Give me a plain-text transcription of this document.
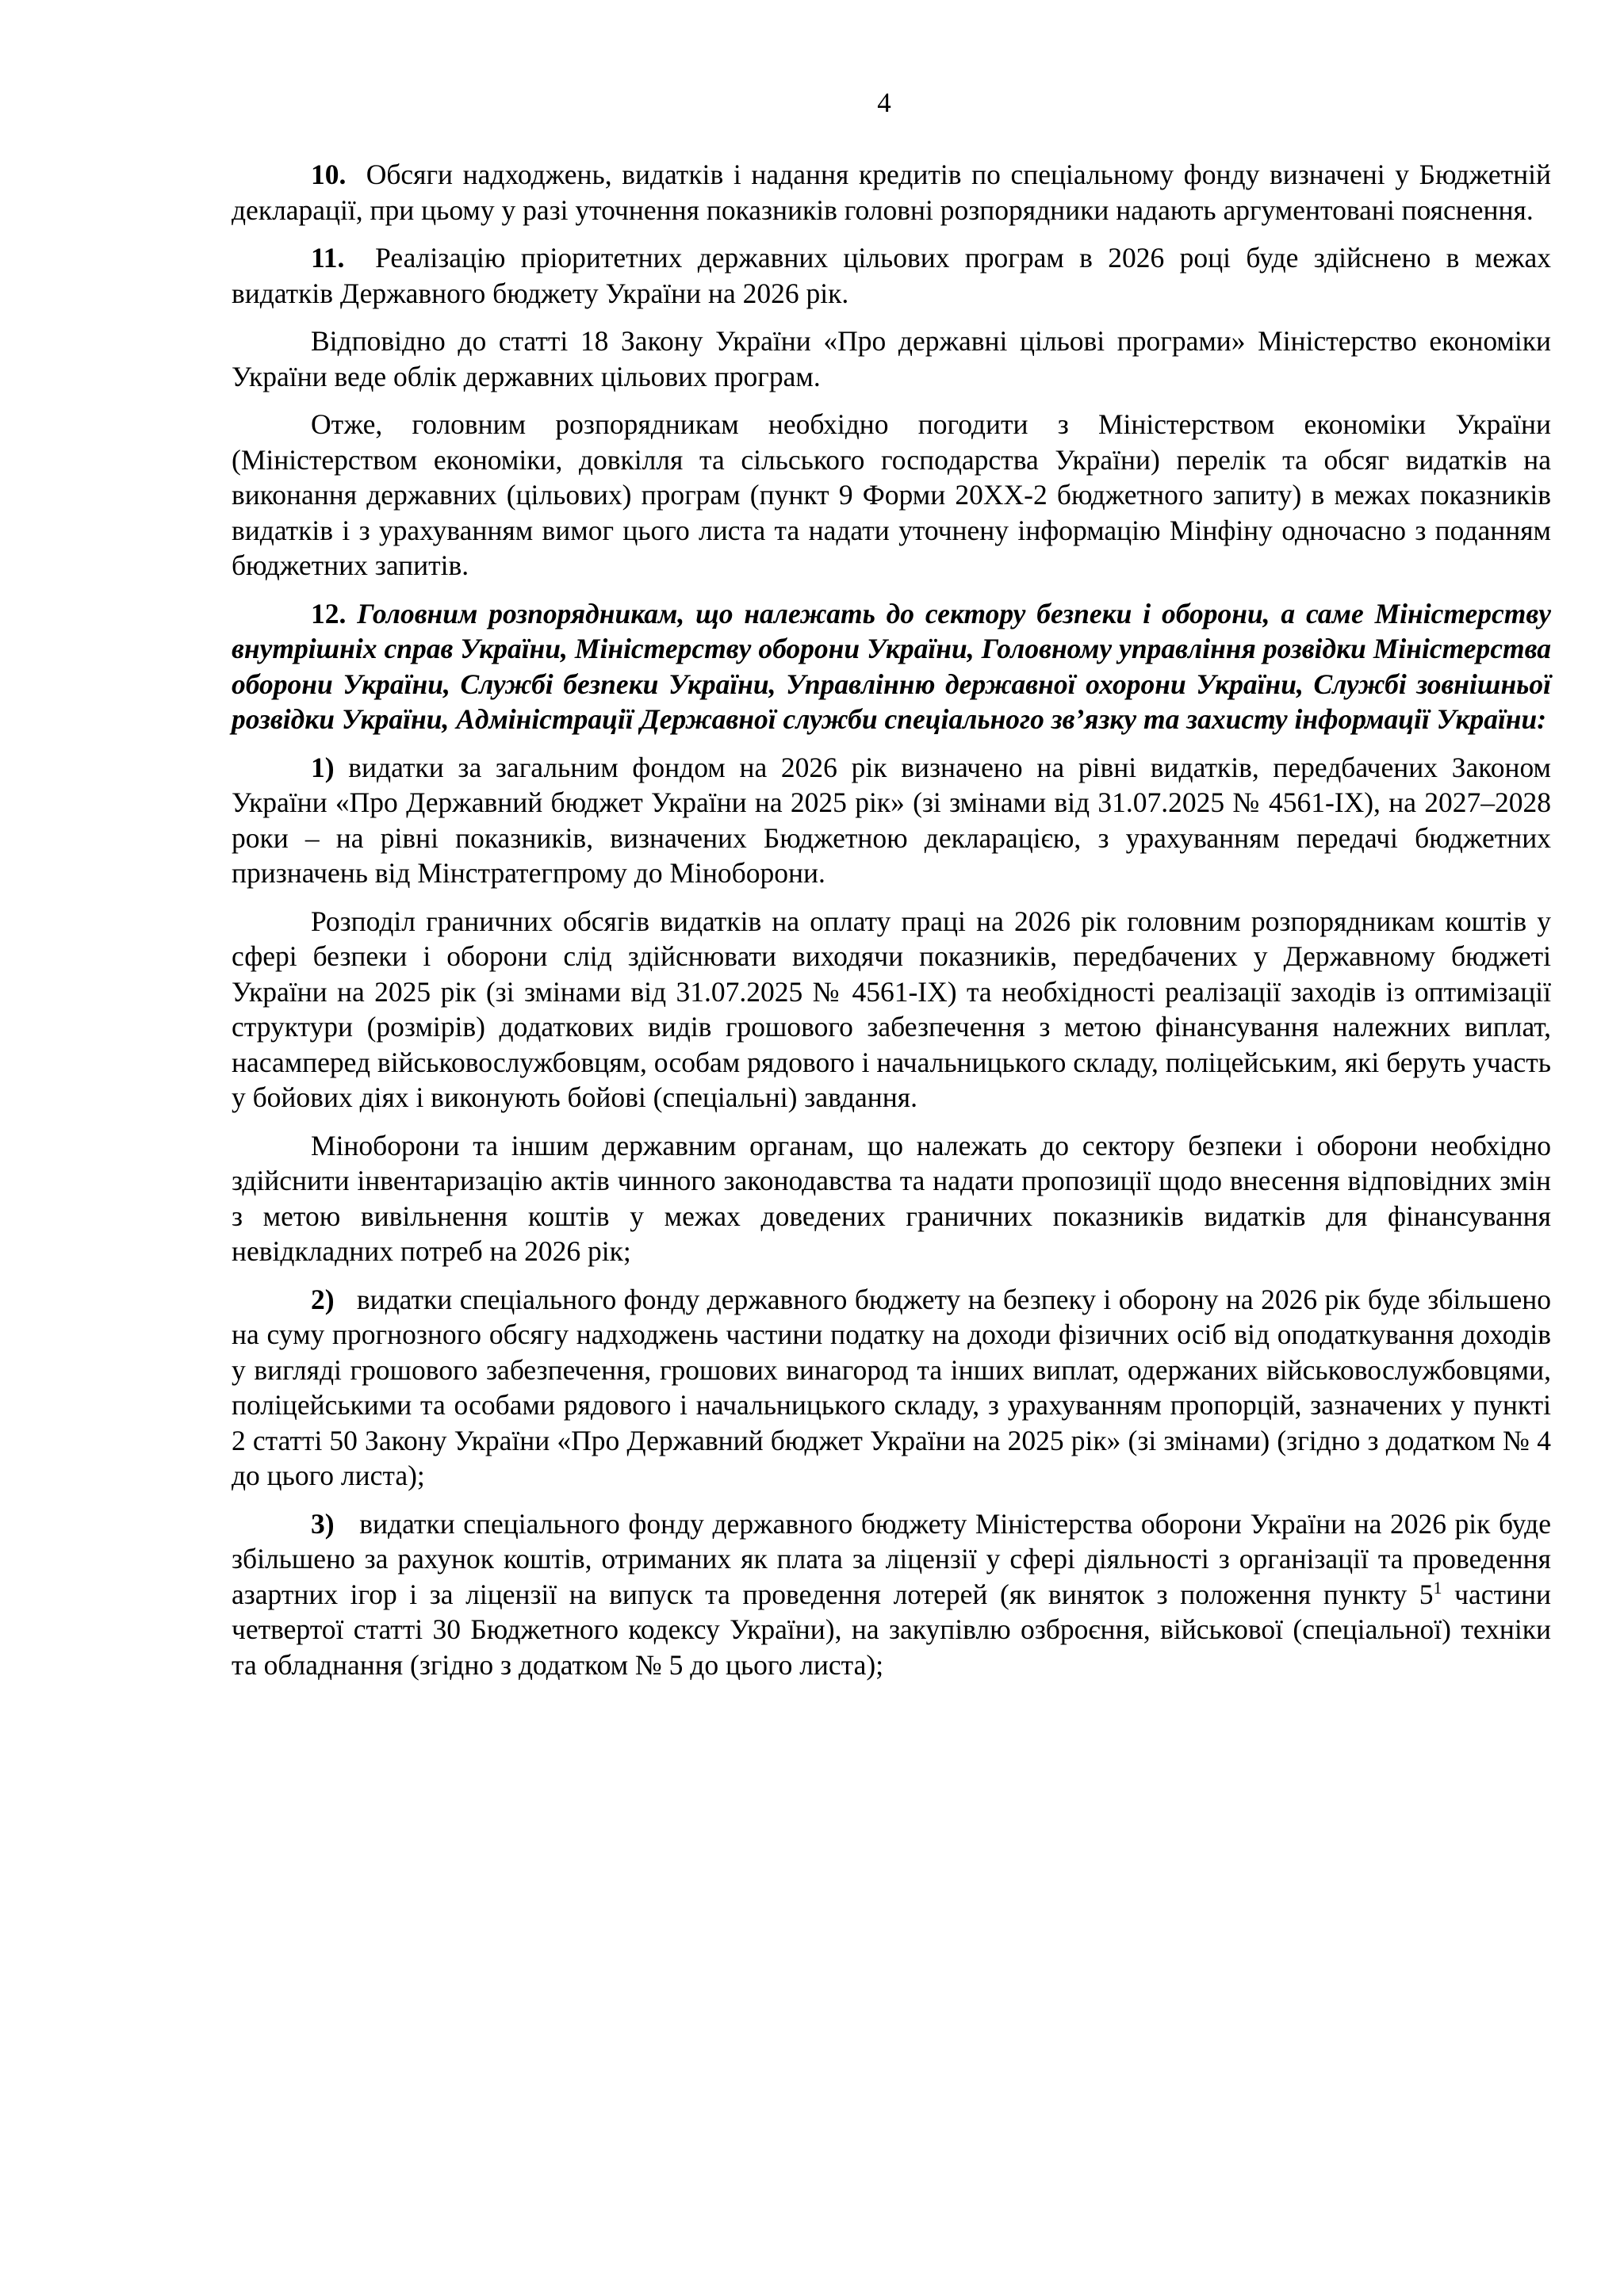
4

10. Обсяги надходжень, видатків і надання кредитів по спеціальному фонду визначені у Бюджетній декларації, при цьому у разі уточнення показників головні розпорядники надають аргументовані пояснення.

11. Реалізацію пріоритетних державних цільових програм в 2026 році буде здійснено в межах видатків Державного бюджету України на 2026 рік.

Відповідно до статті 18 Закону України «Про державні цільові програми» Міністерство економіки України веде облік державних цільових програм.

Отже, головним розпорядникам необхідно погодити з Міністерством економіки України (Міністерством економіки, довкілля та сільського господарства України) перелік та обсяг видатків на виконання державних (цільових) програм (пункт 9 Форми 20ХХ-2 бюджетного запиту) в межах показників видатків і з урахуванням вимог цього листа та надати уточнену інформацію Мінфіну одночасно з поданням бюджетних запитів.

12. Головним розпорядникам, що належать до сектору безпеки і оборони, а саме Міністерству внутрішніх справ України, Міністерству оборони України, Головному управління розвідки Міністерства оборони України, Службі безпеки України, Управлінню державної охорони України, Службі зовнішньої розвідки України, Адміністрації Державної служби спеціального зв’язку та захисту інформації України:

1) видатки за загальним фондом на 2026 рік визначено на рівні видатків, передбачених Законом України «Про Державний бюджет України на 2025 рік» (зі змінами від 31.07.2025 № 4561-IX), на 2027–2028 роки – на рівні показників, визначених Бюджетною декларацією, з урахуванням передачі бюджетних призначень від Мінстратегпрому до Міноборони.

Розподіл граничних обсягів видатків на оплату праці на 2026 рік головним розпорядникам коштів у сфері безпеки і оборони слід здійснювати виходячи показників, передбачених у Державному бюджеті України на 2025 рік (зі змінами від 31.07.2025 № 4561-IX) та необхідності реалізації заходів із оптимізації структури (розмірів) додаткових видів грошового забезпечення з метою фінансування належних виплат, насамперед військовослужбовцям, особам рядового і начальницького складу, поліцейським, які беруть участь у бойових діях і виконують бойові (спеціальні) завдання.

Міноборони та іншим державним органам, що належать до сектору безпеки і оборони необхідно здійснити інвентаризацію актів чинного законодавства та надати пропозиції щодо внесення відповідних змін з метою вивільнення коштів у межах доведених граничних показників видатків для фінансування невідкладних потреб на 2026 рік;

2) видатки спеціального фонду державного бюджету на безпеку і оборону на 2026 рік буде збільшено на суму прогнозного обсягу надходжень частини податку на доходи фізичних осіб від оподаткування доходів у вигляді грошового забезпечення, грошових винагород та інших виплат, одержаних військовослужбовцями, поліцейськими та особами рядового і начальницького складу, з урахуванням пропорцій, зазначених у пункті 2 статті 50 Закону України «Про Державний бюджет України на 2025 рік» (зі змінами) (згідно з додатком № 4 до цього листа);

3) видатки спеціального фонду державного бюджету Міністерства оборони України на 2026 рік буде збільшено за рахунок коштів, отриманих як плата за ліцензії у сфері діяльності з організації та проведення азартних ігор і за ліцензії на випуск та проведення лотерей (як виняток з положення пункту $5^1$ частини четвертої статті 30 Бюджетного кодексу України), на закупівлю озброєння, військової (спеціальної) техніки та обладнання (згідно з додатком № 5 до цього листа);
